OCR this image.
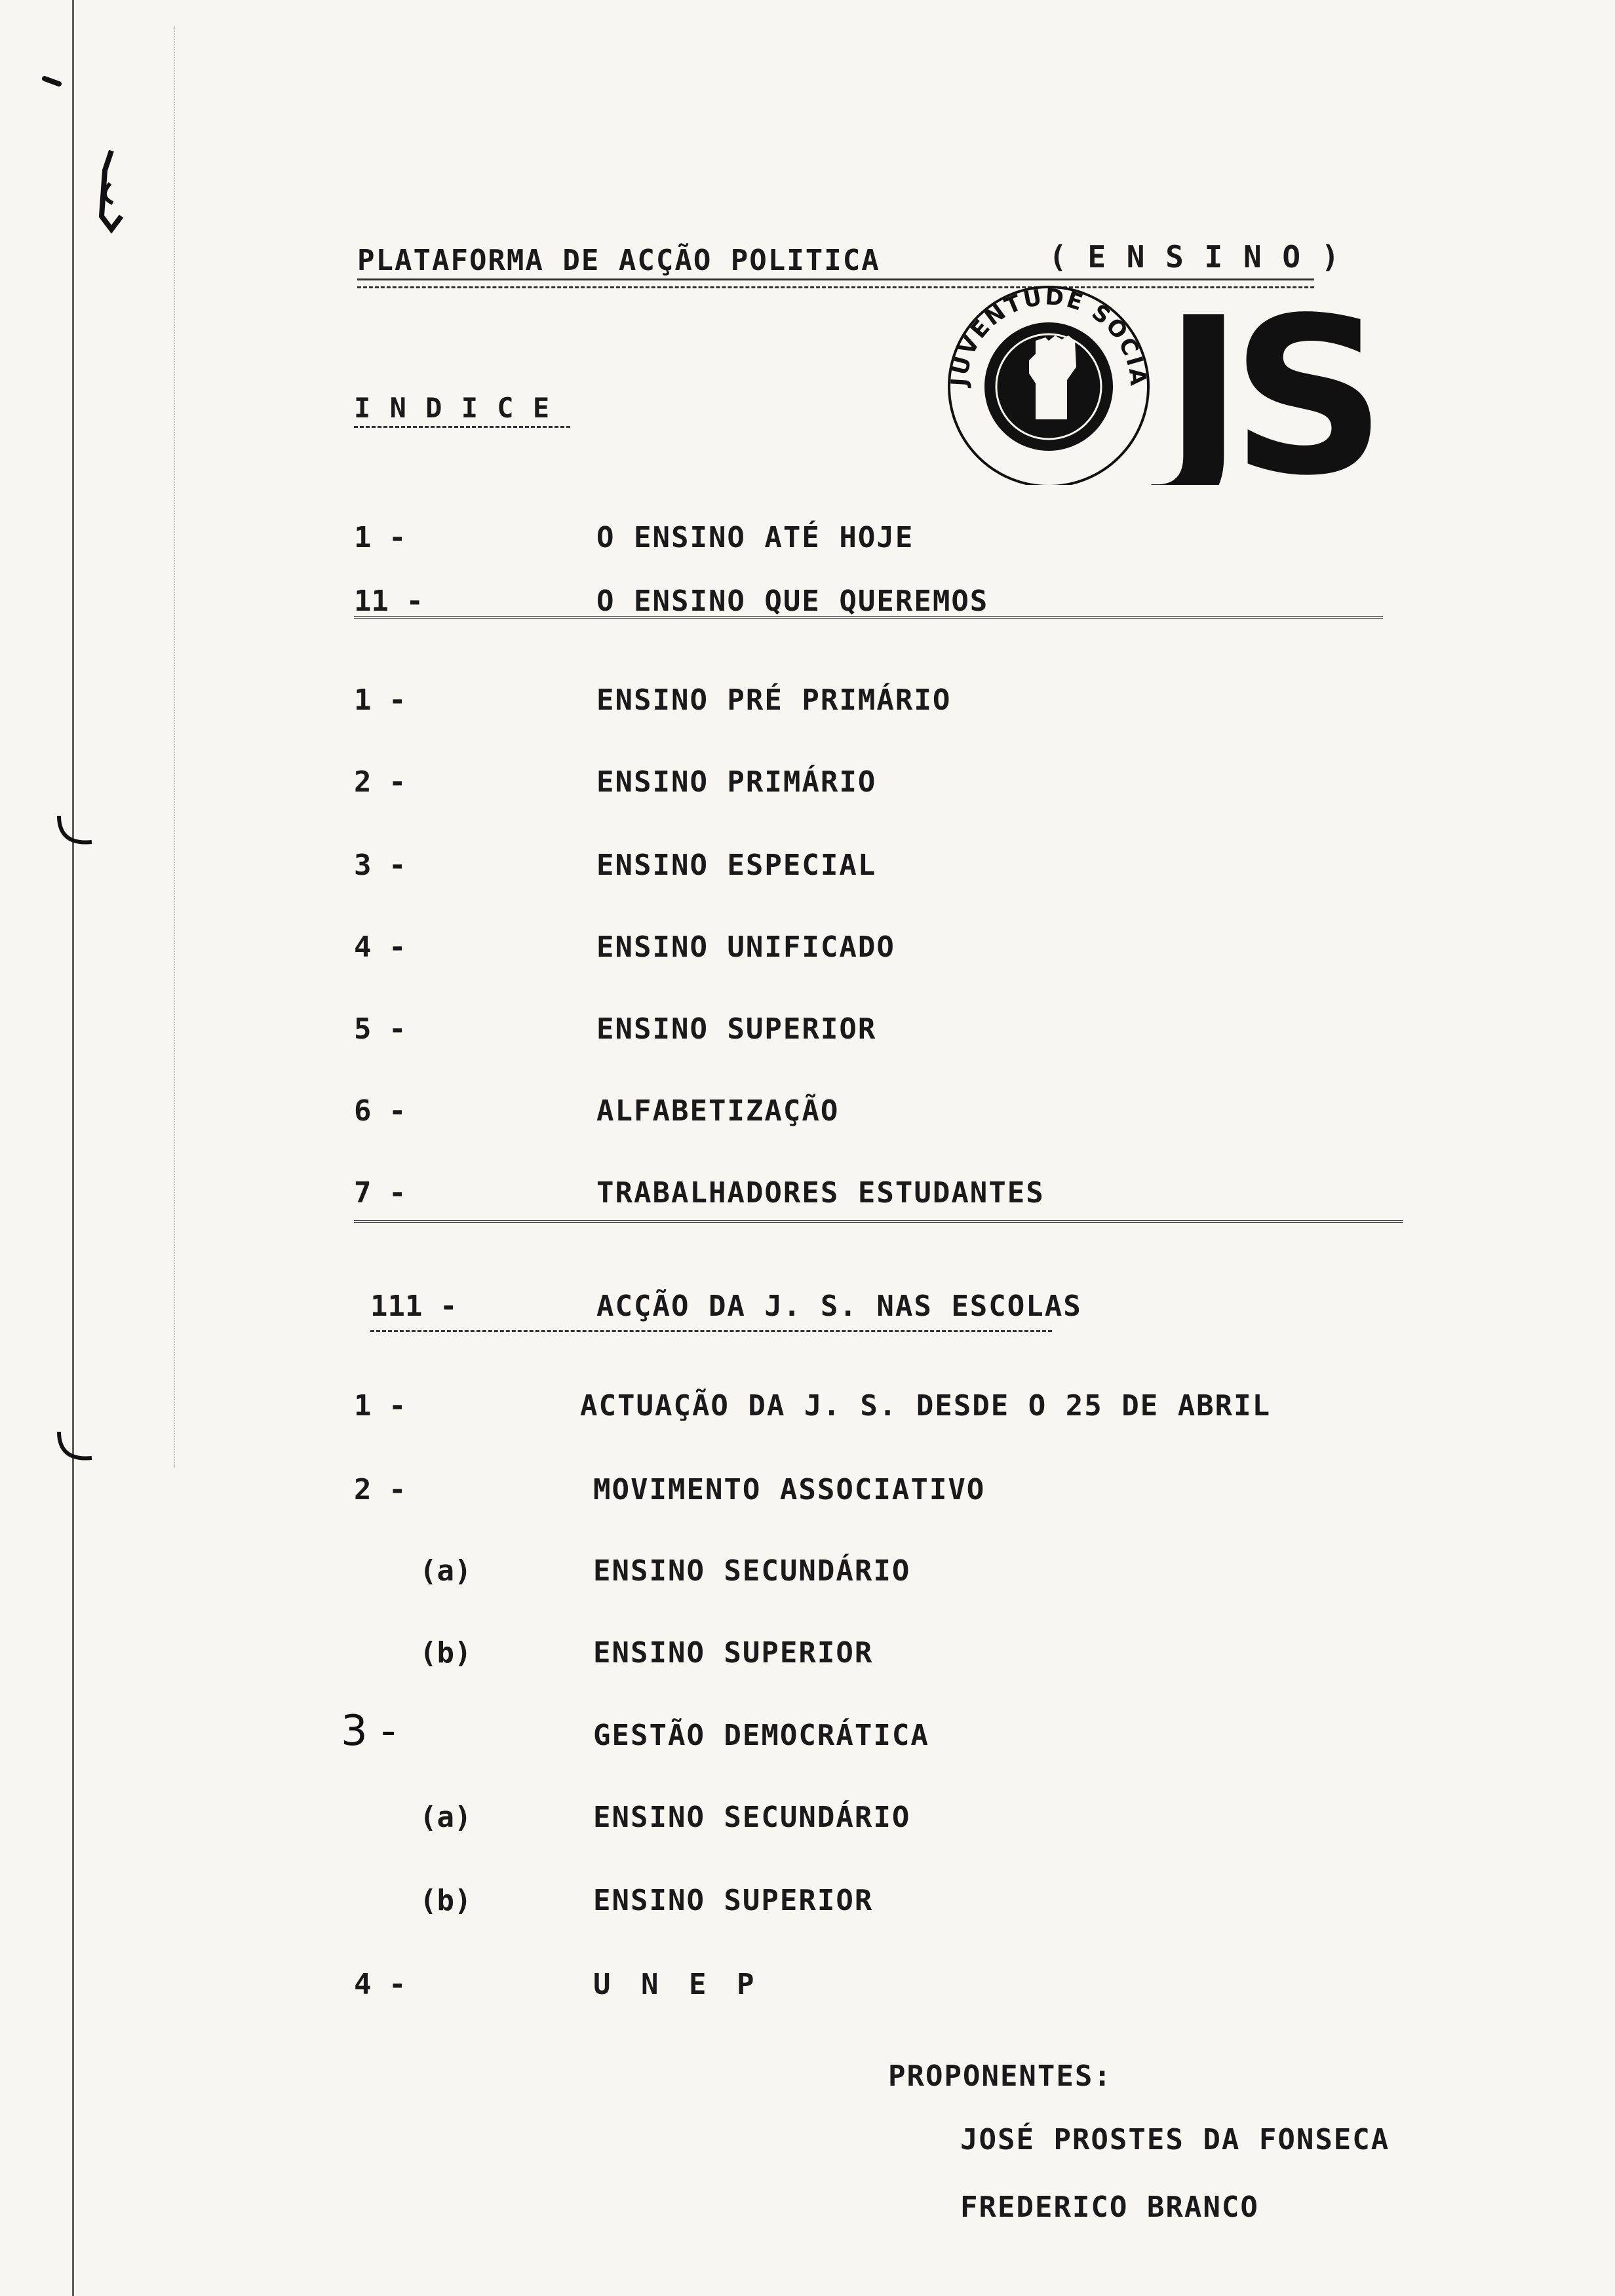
PLATAFORMA DE ACÇÃO POLITICA	( E N S I N O )
JUVENTUDE SOCIA JS
I N D I C E
1 -	O ENSINO ATÉ HOJE
11 -	O ENSINO QUE QUEREMOS
1 -	ENSINO PRÉ PRIMÁRIO
2 -	ENSINO PRIMÁRIO
3 -	ENSINO ESPECIAL
4 -	ENSINO UNIFICADO
5 -	ENSINO SUPERIOR
6 -	ALFABETIZAÇÃO
7 -	TRABALHADORES ESTUDANTES
111 -	ACÇÃO DA J. S. NAS ESCOLAS
1 -	ACTUAÇÃO DA J. S. DESDE O 25 DE ABRIL
2 -	MOVIMENTO ASSOCIATIVO
(a)	ENSINO SECUNDÁRIO
(b)	ENSINO SUPERIOR
3 -	GESTÃO DEMOCRÁTICA
(a)	ENSINO SECUNDÁRIO
(b)	ENSINO SUPERIOR
4 -	U N E P
PROPONENTES:
JOSÉ PROSTES DA FONSECA
FREDERICO BRANCO
